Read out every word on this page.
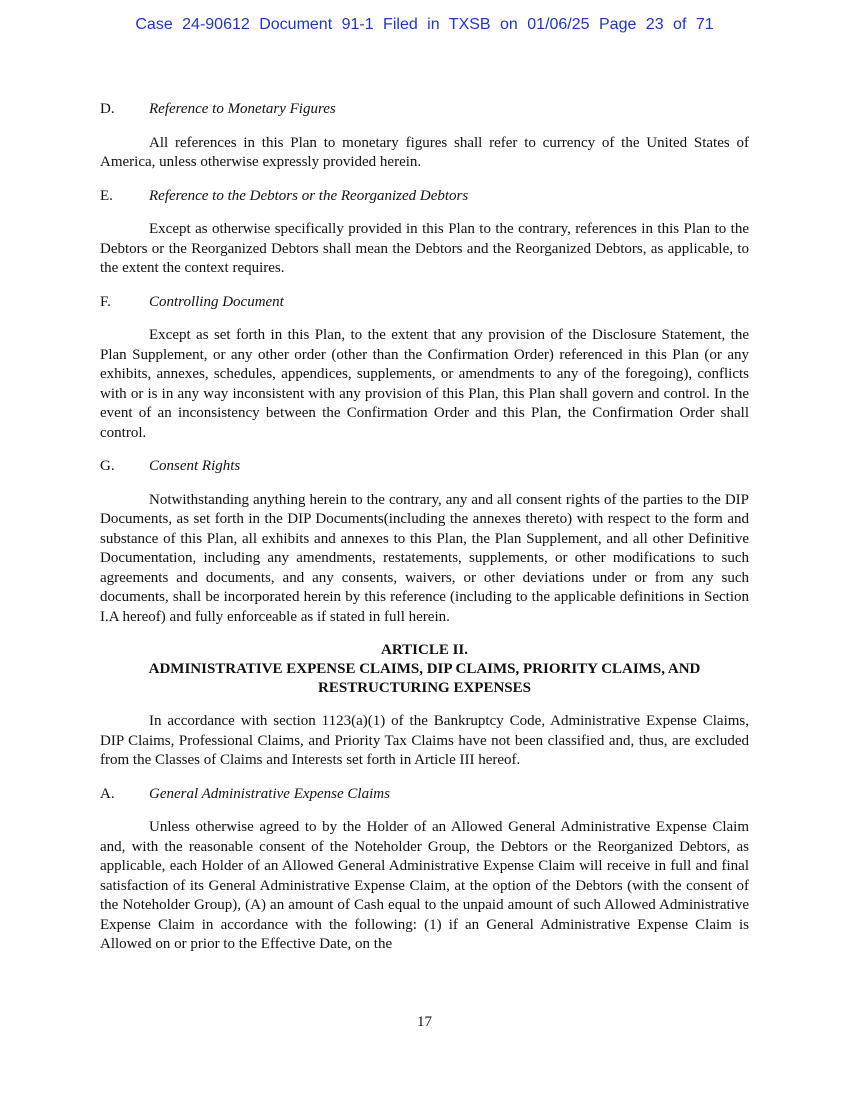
Case 24-90612 Document 91-1 Filed in TXSB on 01/06/25 Page 23 of 71
D. Reference to Monetary Figures

All references in this Plan to monetary figures shall refer to currency of the United States of America, unless otherwise expressly provided herein.

E. Reference to the Debtors or the Reorganized Debtors

Except as otherwise specifically provided in this Plan to the contrary, references in this Plan to the Debtors or the Reorganized Debtors shall mean the Debtors and the Reorganized Debtors, as applicable, to the extent the context requires.

F.	Controlling Document

Except as set forth in this Plan, to the extent that any provision of the Disclosure Statement, the Plan Supplement, or any other order (other than the Confirmation Order) referenced in this Plan (or any exhibits, annexes, schedules, appendices, supplements, or amendments to any of the foregoing), conflicts with or is in any way inconsistent with any provision of this Plan, this Plan shall govern and control. In the event of an inconsistency between the Confirmation Order and this Plan, the Confirmation Order shall control.

G. Consent Rights

Notwithstanding anything herein to the contrary, any and all consent rights of the parties to the DIP Documents, as set forth in the DIP Documents(including the annexes thereto) with respect to the form and substance of this Plan, all exhibits and annexes to this Plan, the Plan Supplement, and all other Definitive Documentation, including any amendments, restatements, supplements, or other modifications to such agreements and documents, and any consents, waivers, or other deviations under or from any such documents, shall be incorporated herein by this reference (including to the applicable definitions in Section I.A hereof) and fully enforceable as if stated in full herein.

ARTICLE II.
ADMINISTRATIVE EXPENSE CLAIMS, DIP CLAIMS, PRIORITY CLAIMS, AND
RESTRUCTURING EXPENSES

In accordance with section 1123(a)(1) of the Bankruptcy Code, Administrative Expense Claims, DIP Claims, Professional Claims, and Priority Tax Claims have not been classified and, thus, are excluded from the Classes of Claims and Interests set forth in Article III hereof.

A. General Administrative Expense Claims

Unless otherwise agreed to by the Holder of an Allowed General Administrative Expense Claim and, with the reasonable consent of the Noteholder Group, the Debtors or the Reorganized Debtors, as applicable, each Holder of an Allowed General Administrative Expense Claim will receive in full and final satisfaction of its General Administrative Expense Claim, at the option of the Debtors (with the consent of the Noteholder Group), (A) an amount of Cash equal to the unpaid amount of such Allowed Administrative Expense Claim in accordance with the following: (1) if an General Administrative Expense Claim is Allowed on or prior to the Effective Date, on the

17
